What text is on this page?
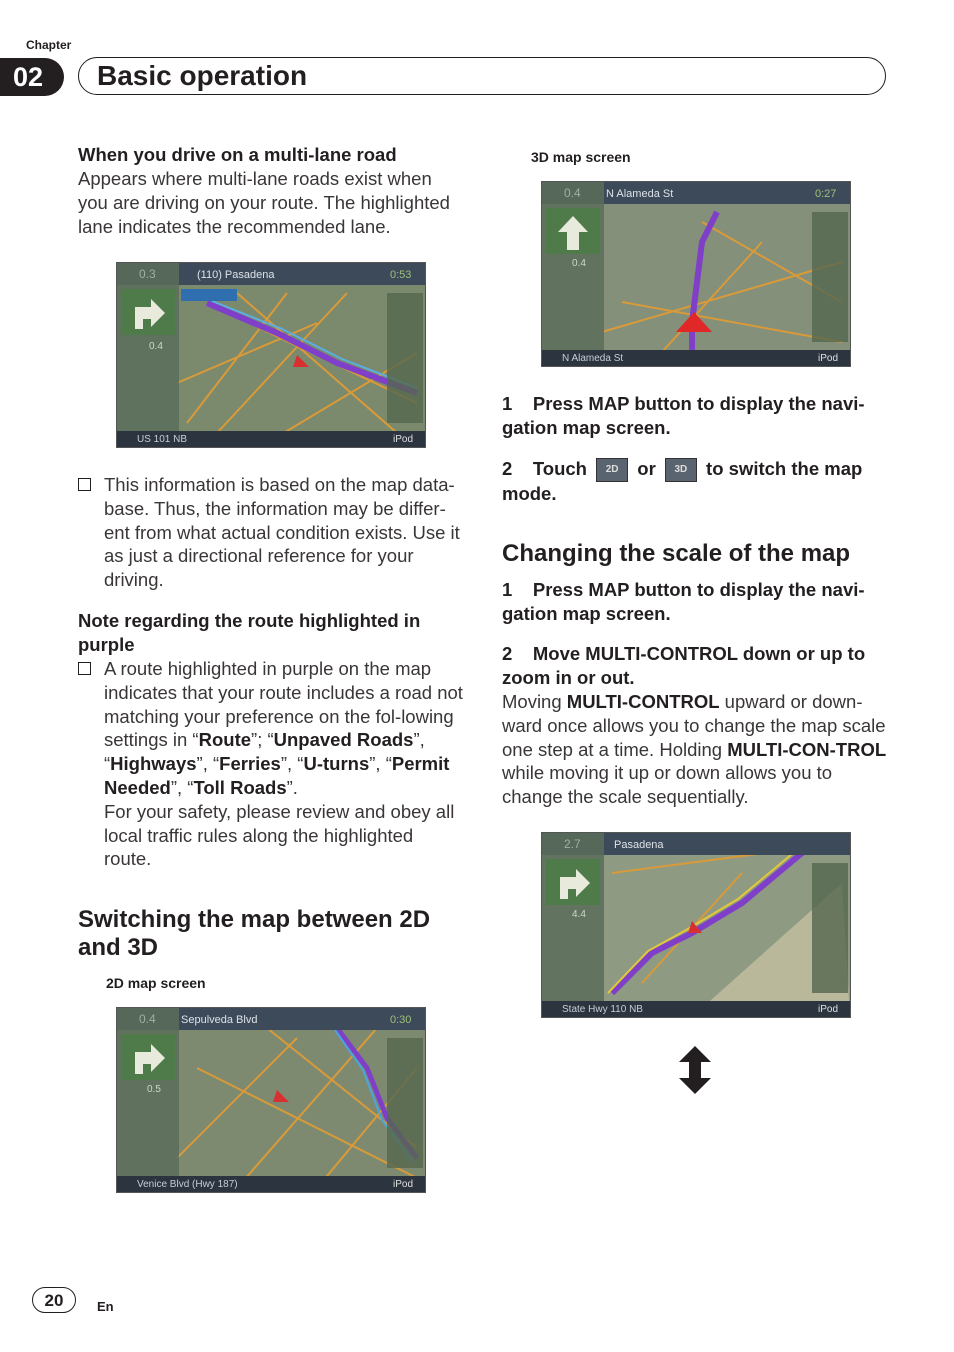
Chapter
02	Basic operation
When you drive on a multi-lane road
Appears where multi-lane roads exist when you are driving on your route. The highlighted lane indicates the recommended lane.
0.3	(110) Pasadena	0:53
0.4
US 101 NB	iPod
This information is based on the map data-base. Thus, the information may be differ-ent from what actual condition exists. Use it as just a directional reference for your driving.
Note regarding the route highlighted in purple
A route highlighted in purple on the map indicates that your route includes a road not matching your preference on the fol-lowing settings in “Route”; “Unpaved Roads”, “Highways”, “Ferries”, “U-turns”, “Permit Needed”, “Toll Roads”.
For your safety, please review and obey all local traffic rules along the highlighted route.
Switching the map between 2D and 3D
2D map screen
0.4 Sepulveda Blvd	0:30
0.5
Venice Blvd (Hwy 187)	iPod
3D map screen
0.4 N Alameda St	0:27
0.4
N Alameda St	iPod
1 Press MAP button to display the navi-gation map screen.
2 Touch 2D or 3D to switch the map mode.
Changing the scale of the map
1 Press MAP button to display the navi-gation map screen.
2 Move MULTI-CONTROL down or up to zoom in or out.
Moving MULTI-CONTROL upward or down-ward once allows you to change the map scale one step at a time. Holding MULTI-CON-TROL while moving it up or down allows you to change the scale sequentially.
2.7	Pasadena
4.4
State Hwy 110 NB	iPod
20	En
